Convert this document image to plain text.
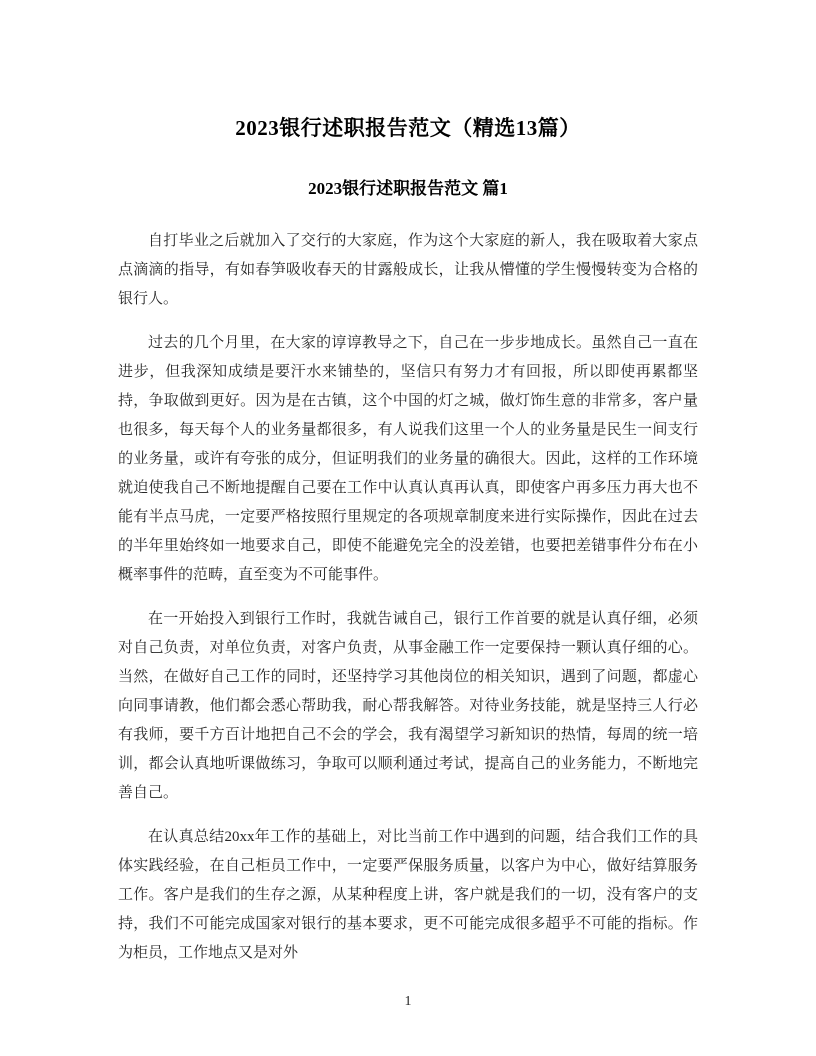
2023银行述职报告范文（精选13篇）
2023银行述职报告范文 篇1

自打毕业之后就加入了交行的大家庭，作为这个大家庭的新人，我在吸取着大家点点滴滴的指导，有如春笋吸收春天的甘露般成长，让我从懵懂的学生慢慢转变为合格的银行人。

过去的几个月里，在大家的谆谆教导之下，自己在一步步地成长。虽然自己一直在进步，但我深知成绩是要汗水来铺垫的，坚信只有努力才有回报，所以即使再累都坚持，争取做到更好。因为是在古镇，这个中国的灯之城，做灯饰生意的非常多，客户量也很多，每天每个人的业务量都很多，有人说我们这里一个人的业务量是民生一间支行的业务量，或许有夸张的成分，但证明我们的业务量的确很大。因此，这样的工作环境就迫使我自己不断地提醒自己要在工作中认真认真再认真，即使客户再多压力再大也不能有半点马虎，一定要严格按照行里规定的各项规章制度来进行实际操作，因此在过去的半年里始终如一地要求自己，即使不能避免完全的没差错，也要把差错事件分布在小概率事件的范畴，直至变为不可能事件。

在一开始投入到银行工作时，我就告诫自己，银行工作首要的就是认真仔细，必须对自己负责，对单位负责，对客户负责，从事金融工作一定要保持一颗认真仔细的心。当然，在做好自己工作的同时，还坚持学习其他岗位的相关知识，遇到了问题，都虚心向同事请教，他们都会悉心帮助我，耐心帮我解答。对待业务技能，就是坚持三人行必有我师，要千方百计地把自己不会的学会，我有渴望学习新知识的热情，每周的统一培训，都会认真地听课做练习，争取可以顺利通过考试，提高自己的业务能力，不断地完善自己。

在认真总结20xx年工作的基础上，对比当前工作中遇到的问题，结合我们工作的具体实践经验，在自己柜员工作中，一定要严保服务质量，以客户为中心，做好结算服务工作。客户是我们的生存之源，从某种程度上讲，客户就是我们的一切，没有客户的支持，我们不可能完成国家对银行的基本要求，更不可能完成很多超乎不可能的指标。作为柜员，工作地点又是对外

1
